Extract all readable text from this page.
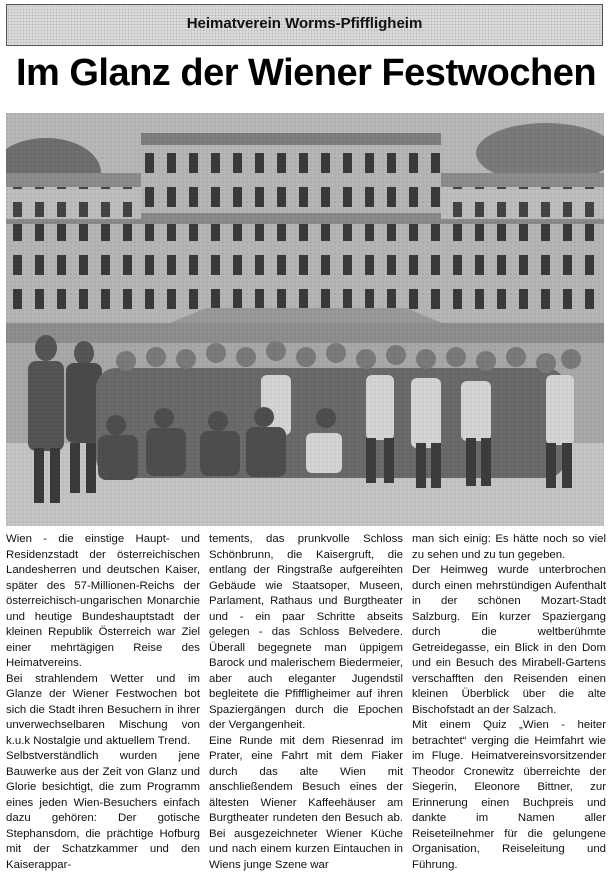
Heimatverein Worms-Pfiffligheim
Im Glanz der Wiener Festwochen

Wien - die einstige Haupt- und Residenzstadt der österreichischen Landesherren und deutschen Kaiser, später des 57-Millionen-Reichs der österreichisch-ungarischen Monarchie und heutige Bundeshauptstadt der kleinen Republik Österreich war Ziel einer mehrtägigen Reise des Heimatvereins.

Bei strahlendem Wetter und im Glanze der Wiener Festwochen bot sich die Stadt ihren Besuchern in ihrer unverwechselbaren Mischung von k.u.k Nostalgie und aktuellem Trend.

Selbstverständlich wurden jene Bauwerke aus der Zeit von Glanz und Glorie besichtigt, die zum Programm eines jeden Wien-Besuchers einfach dazu gehören: Der gotische Stephansdom, die prächtige Hofburg mit der Schatzkammer und den Kaiserappar-

tements, das prunkvolle Schloss Schönbrunn, die Kaisergruft, die entlang der Ringstraße aufgereihten Gebäude wie Staatsoper, Museen, Parlament, Rathaus und Burgtheater und - ein paar Schritte abseits gelegen - das Schloss Belvedere. Überall begegnete man üppigem Barock und malerischem Biedermeier, aber auch eleganter Jugendstil begleitete die Pfiffligheimer auf ihren Spaziergängen durch die Epochen der Vergangenheit.

Eine Runde mit dem Riesenrad im Prater, eine Fahrt mit dem Fiaker durch das alte Wien mit anschließendem Besuch eines der ältesten Wiener Kaffeehäuser am Burgtheater rundeten den Besuch ab. Bei ausgezeichneter Wiener Küche und nach einem kurzen Eintauchen in Wiens junge Szene war

man sich einig: Es hätte noch so viel zu sehen und zu tun gegeben.

Der Heimweg wurde unterbrochen durch einen mehrstündigen Aufenthalt in der schönen Mozart-Stadt Salzburg. Ein kurzer Spaziergang durch die weltberühmte Getreidegasse, ein Blick in den Dom und ein Besuch des Mirabell-Gartens verschafften den Reisenden einen kleinen Überblick über die alte Bischofstadt an der Salzach.

Mit einem Quiz „Wien - heiter betrachtet“ verging die Heimfahrt wie im Fluge. Heimatvereinsvorsitzender Theodor Cronewitz überreichte der Siegerin, Eleonore Bittner, zur Erinnerung einen Buchpreis und dankte im Namen aller Reiseteilnehmer für die gelungene Organisation, Reiseleitung und Führung.
